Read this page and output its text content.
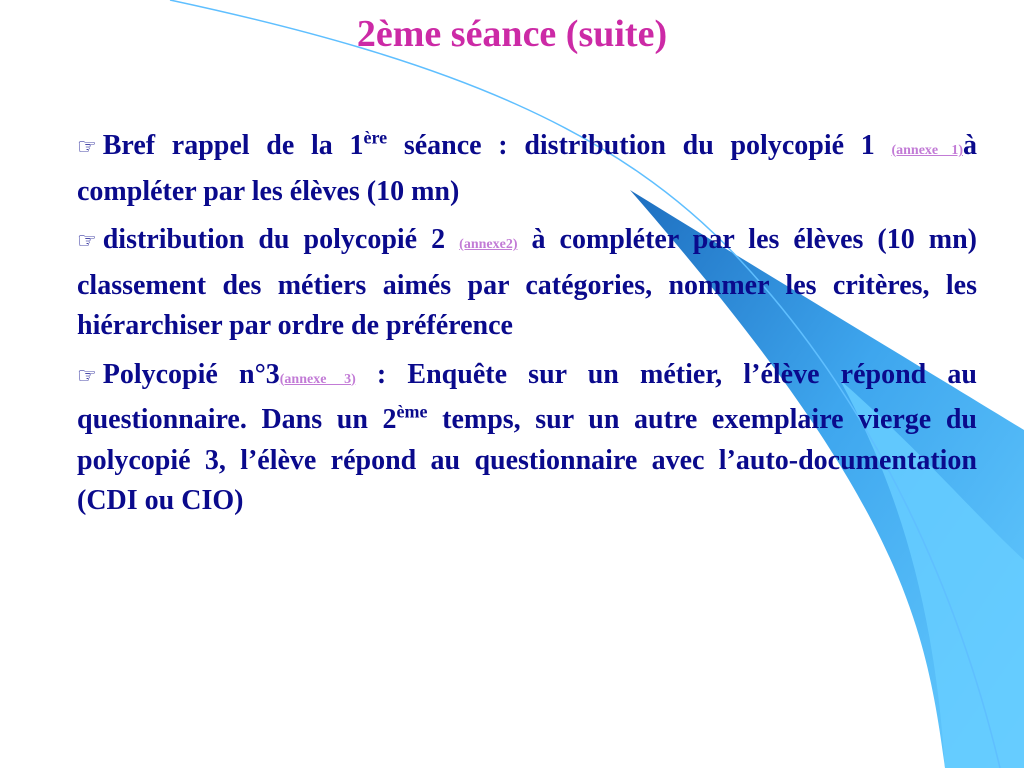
2ème séance (suite)

☞ Bref rappel de la 1ère séance : distribution du polycopié 1 (annexe 1)à compléter par les élèves (10 mn)

☞ distribution du polycopié 2 (annexe2) à compléter par les élèves (10 mn) classement des métiers aimés par catégories, nommer les critères, les hiérarchiser par ordre de préférence

☞ Polycopié n°3(annexe 3) : Enquête sur un métier, l’élève répond au questionnaire. Dans un 2ème temps, sur un autre exemplaire vierge du polycopié 3, l’élève répond au questionnaire avec l’auto-documentation (CDI ou CIO)
